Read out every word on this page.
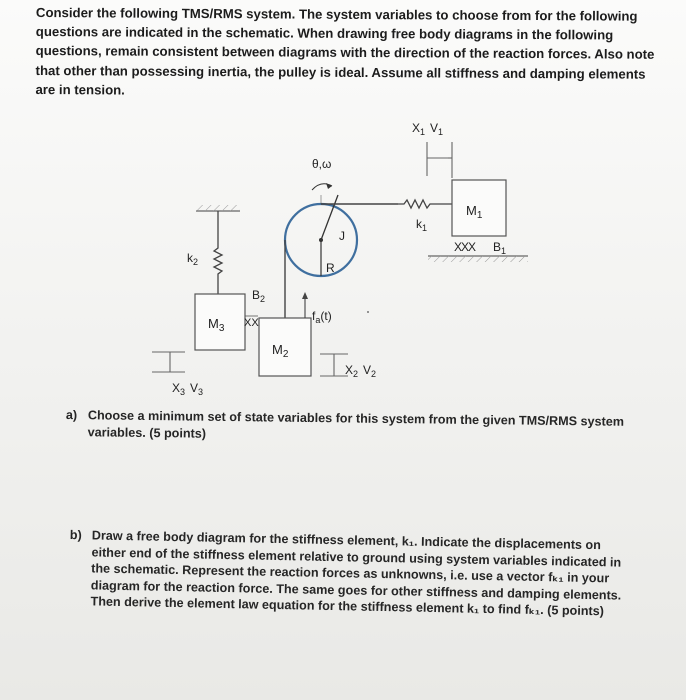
Consider the following TMS/RMS system. The system variables to choose from for the following questions are indicated in the schematic. When drawing free body diagrams in the following questions, remain consistent between diagrams with the direction of the reaction forces. Also note that other than possessing inertia, the pulley is ideal. Assume all stiffness and damping elements are in tension.
θ,ω
J
R
$k_1$
$M_1$
XXX $B_1$
$X_1$ $V_1$
$k_2$
$M_3$ XX
$B_2$
$M_2$
$f_a(t)$
$X_2$ $V_2$
$X_3$ $V_3$
a) Choose a minimum set of state variables for this system from the given TMS/RMS system variables. (5 points)
b) Draw a free body diagram for the stiffness element, k₁. Indicate the displacements on either end of the stiffness element relative to ground using system variables indicated in the schematic. Represent the reaction forces as unknowns, i.e. use a vector fₖ₁ in your diagram for the reaction force. The same goes for other stiffness and damping elements. Then derive the element law equation for the stiffness element k₁ to find fₖ₁. (5 points)
